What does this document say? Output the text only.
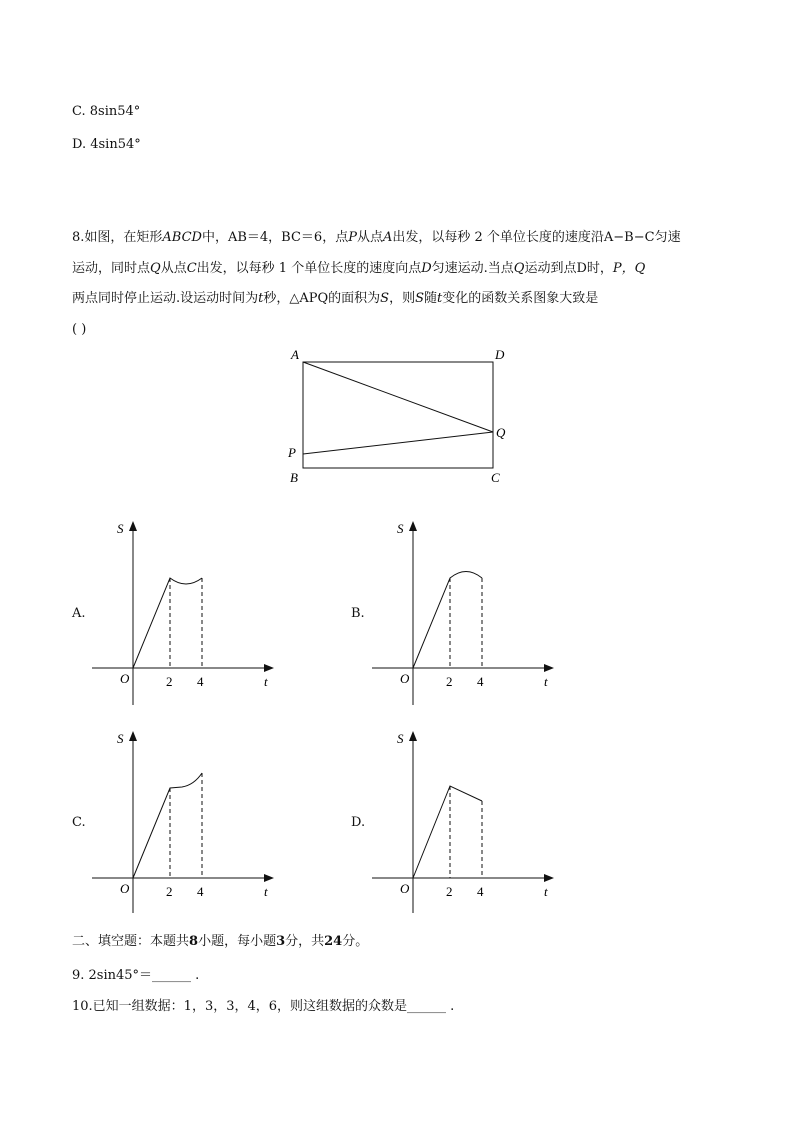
C. 8sin54°
D. 4sin54°
8.如图，在矩形ABCD中，AB＝4，BC＝6，点P从点A出发，以每秒 2 个单位长度的速度沿A−B−C匀速
运动，同时点Q从点C出发，以每秒 1 个单位长度的速度向点D匀速运动.当点Q运动到点D时，P，Q
两点同时停止运动.设运动时间为t秒，△APQ的面积为S，则S随t变化的函数关系图象大致是
( )
A	D
Q
P
B	C
A.	B.
C.	D.
S
t
O	2 4
S
t
O	2 4
S
t
O	2 4
S
t
O	2 4
二、填空题：本题共8小题，每小题3分，共24分。
9. 2sin45°＝______ .
10.已知一组数据：1，3，3，4，6，则这组数据的众数是______ .
